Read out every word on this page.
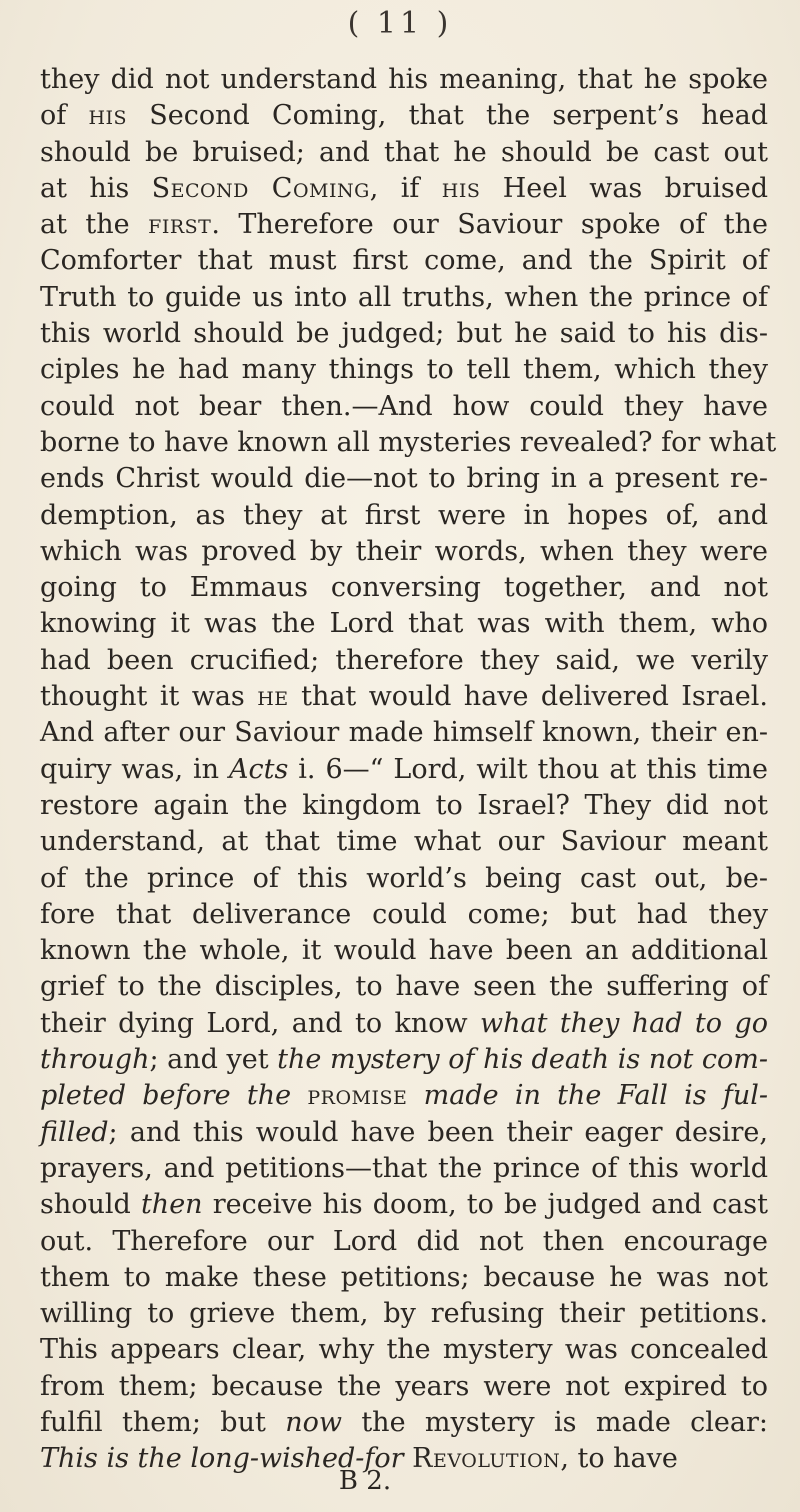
( 11 )
they did not understand his meaning, that he spoke
of his Second Coming, that the serpent’s head
should be bruised; and that he should be cast out
at his Second Coming, if his Heel was bruised
at the first. Therefore our Saviour spoke of the
Comforter that must first come, and the Spirit of
Truth to guide us into all truths, when the prince of
this world should be judged; but he said to his dis-
ciples he had many things to tell them, which they
could not bear then.—And how could they have
borne to have known all mysteries revealed? for what
ends Christ would die—not to bring in a present re-
demption, as they at first were in hopes of, and
which was proved by their words, when they were
going to Emmaus conversing together, and not
knowing it was the Lord that was with them, who
had been crucified; therefore they said, we verily
thought it was he that would have delivered Israel.
And after our Saviour made himself known, their en-
quiry was, in Acts i. 6—“ Lord, wilt thou at this time
restore again the kingdom to Israel? They did not
understand, at that time what our Saviour meant
of the prince of this world’s being cast out, be-
fore that deliverance could come; but had they
known the whole, it would have been an additional
grief to the disciples, to have seen the suffering of
their dying Lord, and to know what they had to go
through; and yet the mystery of his death is not com-
pleted before the promise made in the Fall is ful-
filled; and this would have been their eager desire,
prayers, and petitions—that the prince of this world
should then receive his doom, to be judged and cast
out. Therefore our Lord did not then encourage
them to make these petitions; because he was not
willing to grieve them, by refusing their petitions.
This appears clear, why the mystery was concealed
from them; because the years were not expired to
fulfil them; but now the mystery is made clear:
This is the long-wished-for Revolution, to have
B 2.
